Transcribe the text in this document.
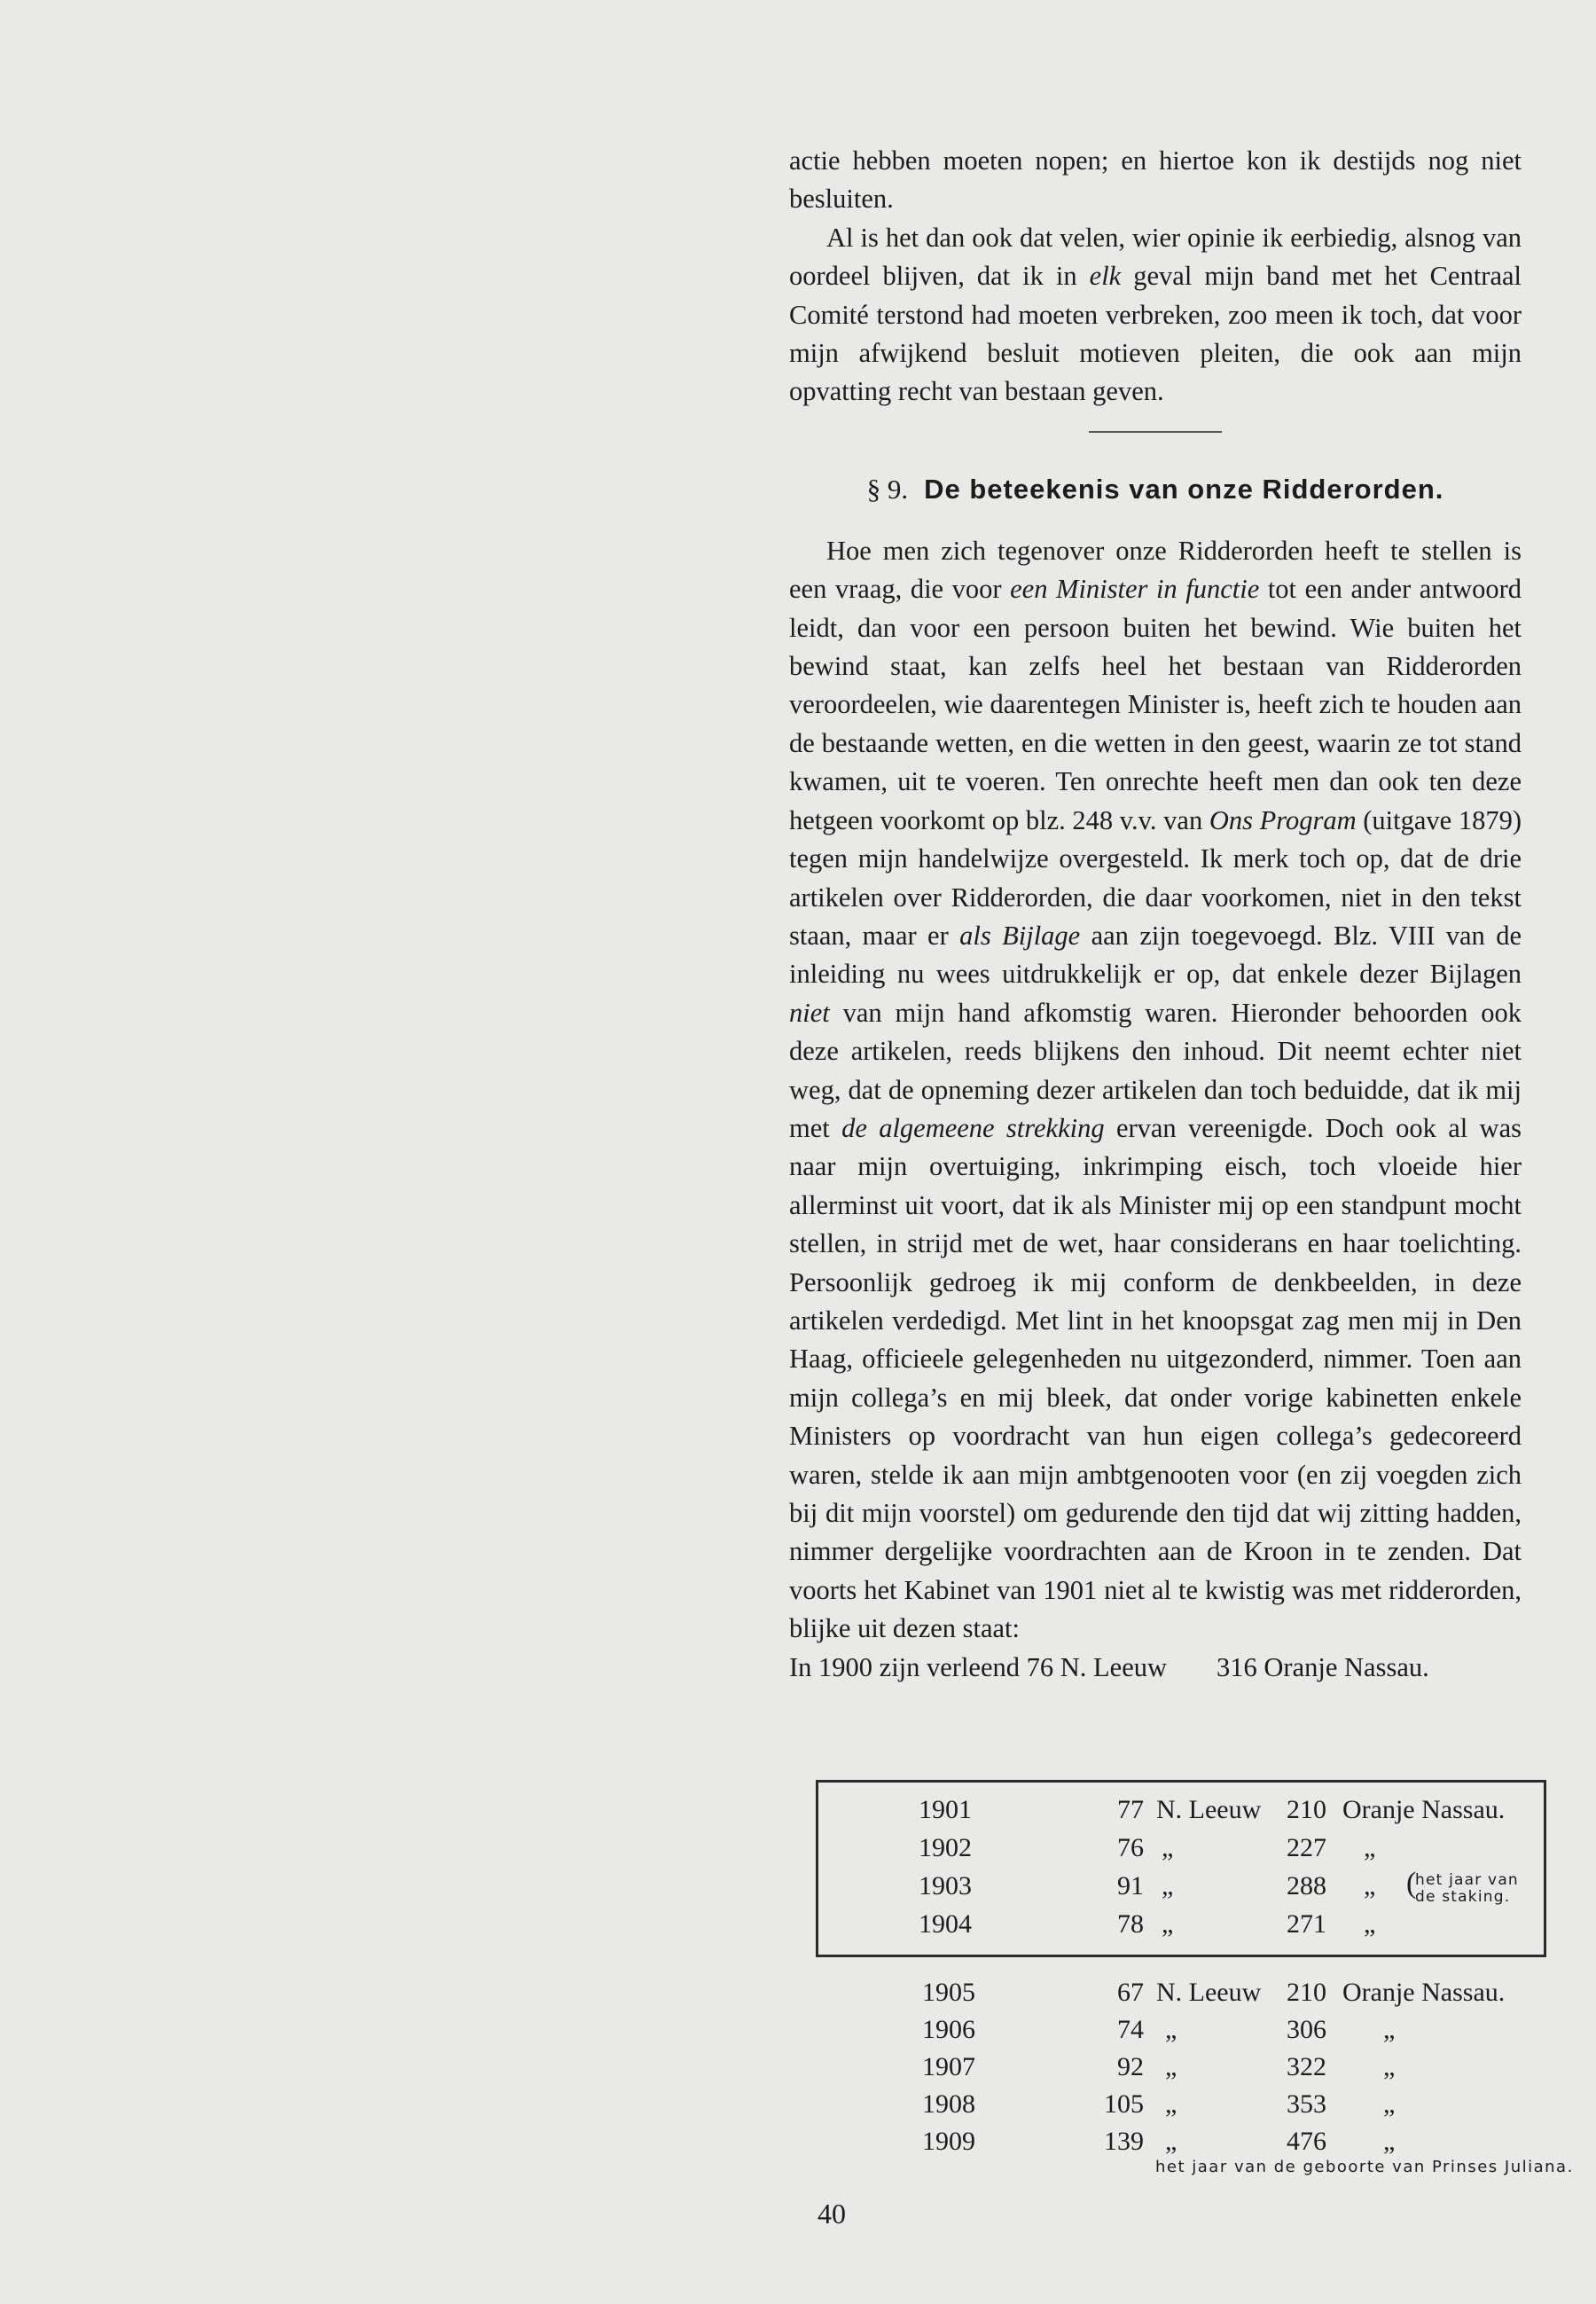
actie hebben moeten nopen; en hiertoe kon ik destijds nog niet besluiten.

Al is het dan ook dat velen, wier opinie ik eerbiedig, alsnog van oordeel blijven, dat ik in elk geval mijn band met het Centraal Comité terstond had moeten verbreken, zoo meen ik toch, dat voor mijn afwijkend besluit motieven pleiten, die ook aan mijn opvatting recht van bestaan geven.

§ 9. De beteekenis van onze Ridderorden.

Hoe men zich tegenover onze Ridderorden heeft te stellen is een vraag, die voor een Minister in functie tot een ander antwoord leidt, dan voor een persoon buiten het bewind. Wie buiten het bewind staat, kan zelfs heel het bestaan van Ridderorden veroordeelen, wie daarentegen Minister is, heeft zich te houden aan de bestaande wetten, en die wetten in den geest, waarin ze tot stand kwamen, uit te voeren. Ten onrechte heeft men dan ook ten deze hetgeen voorkomt op blz. 248 v.v. van Ons Program (uitgave 1879) tegen mijn handelwijze overgesteld. Ik merk toch op, dat de drie artikelen over Ridderorden, die daar voorkomen, niet in den tekst staan, maar er als Bijlage aan zijn toegevoegd. Blz. VIII van de inleiding nu wees uitdrukkelijk er op, dat enkele dezer Bijlagen niet van mijn hand afkomstig waren. Hieronder behoorden ook deze artikelen, reeds blijkens den inhoud. Dit neemt echter niet weg, dat de opneming dezer artikelen dan toch beduidde, dat ik mij met de algemeene strekking ervan vereenigde. Doch ook al was naar mijn overtuiging, inkrimping eisch, toch vloeide hier allerminst uit voort, dat ik als Minister mij op een standpunt mocht stellen, in strijd met de wet, haar considerans en haar toelichting. Persoonlijk gedroeg ik mij conform de denkbeelden, in deze artikelen verdedigd. Met lint in het knoopsgat zag men mij in Den Haag, officieele gelegenheden nu uitgezonderd, nimmer. Toen aan mijn collega’s en mij bleek, dat onder vorige kabinetten enkele Ministers op voordracht van hun eigen collega’s gedecoreerd waren, stelde ik aan mijn ambtgenooten voor (en zij voegden zich bij dit mijn voorstel) om gedurende den tijd dat wij zitting hadden, nimmer dergelijke voordrachten aan de Kroon in te zenden. Dat voorts het Kabinet van 1901 niet al te kwistig was met ridderorden, blijke uit dezen staat:

In 1900 zijn verleend 76 N. Leeuw 316 Oranje Nassau.

1901	77 N. Leeuw 210 Oranje Nassau.
1902	76 „	227 „
1903	91 „	288 „ (
het jaar van
de staking.
1904	78 „	271 „
1905	67 N. Leeuw 210 Oranje Nassau.
1906	74 „	306 „
1907	92 „	322 „
1908	105 „	353 „
1909	139 „	476 „
het jaar van de geboorte van Prinses Juliana.
40
